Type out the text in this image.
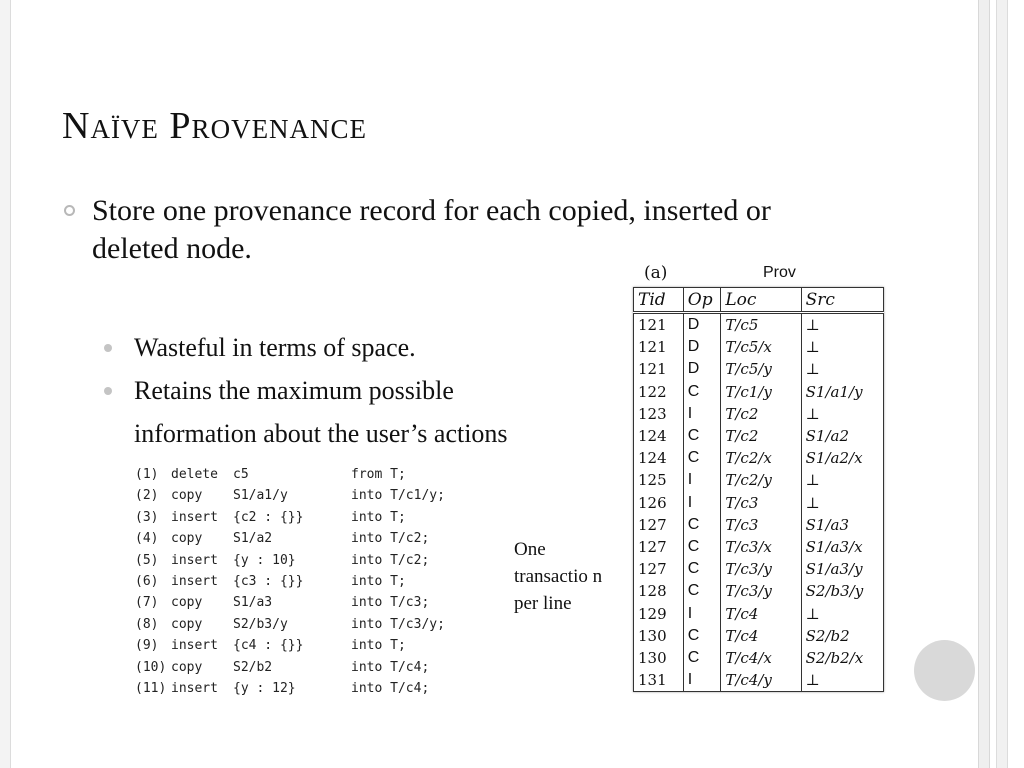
Naïve Provenance
Store one provenance record for each copied, inserted or deleted node.
Wasteful in terms of space.
Retains the maximum possible
information about the user’s actions
(1) delete c5	from T;
(2) copy S1/a1/y	into T/c1/y;
(3) insert {c2 : {}}	into T;
(4) copy S1/a2	into T/c2;
(5) insert {y : 10}	into T/c2;
(6) insert {c3 : {}}	into T;
(7) copy S1/a3	into T/c3;
(8) copy S2/b3/y	into T/c3/y;
(9) insert {c4 : {}}	into T;
(10) copy S2/b2	into T/c4;
(11) insert {y : 12}	into T/c4;
One transactio n per line
(a)	Prov
Tid	Op	Loc	Src
121	D	T/c5	⊥
121	D	T/c5/x	⊥
121	D	T/c5/y	⊥
122	C	T/c1/y	S1/a1/y
123	I	T/c2	⊥
124	C	T/c2	S1/a2
124	C	T/c2/x	S1/a2/x
125	I	T/c2/y	⊥
126	I	T/c3	⊥
127	C	T/c3	S1/a3
127	C	T/c3/x	S1/a3/x
127	C	T/c3/y	S1/a3/y
128	C	T/c3/y	S2/b3/y
129	I	T/c4	⊥
130	C	T/c4	S2/b2
130	C	T/c4/x	S2/b2/x
131	I	T/c4/y	⊥
